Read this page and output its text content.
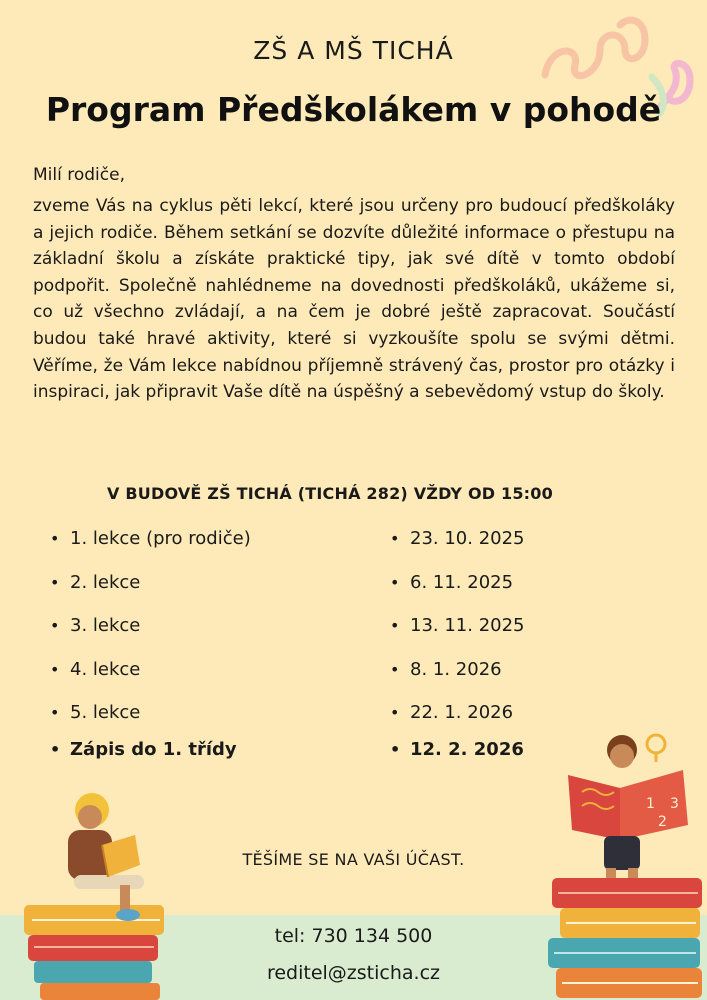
ZŠ A MŠ TICHÁ
Program Předškolákem v pohodě
Milí rodiče,
zveme Vás na cyklus pěti lekcí, které jsou určeny pro budoucí předškoláky a jejich rodiče. Během setkání se dozvíte důležité informace o přestupu na základní školu a získáte praktické tipy, jak své dítě v tomto období podpořit. Společně nahlédneme na dovednosti předškoláků, ukážeme si, co už všechno zvládají, a na čem je dobré ještě zapracovat. Součástí budou také hravé aktivity, které si vyzkoušíte spolu se svými dětmi. Věříme, že Vám lekce nabídnou příjemně strávený čas, prostor pro otázky i inspiraci, jak připravit Vaše dítě na úspěšný a sebevědomý vstup do školy.
V BUDOVĚ ZŠ TICHÁ (TICHÁ 282) VŽDY OD 15:00
• 1. lekce (pro rodiče)	• 23. 10. 2025
• 2. lekce	• 6. 11. 2025
• 3. lekce	• 13. 11. 2025
• 4. lekce	• 8. 1. 2026
• 5. lekce	• 22. 1. 2026
• Zápis do 1. třídy	• 12. 2. 2026
1
2
3
TĚŠÍME SE NA VAŠI ÚČAST.
tel: 730 134 500
reditel@zsticha.cz
